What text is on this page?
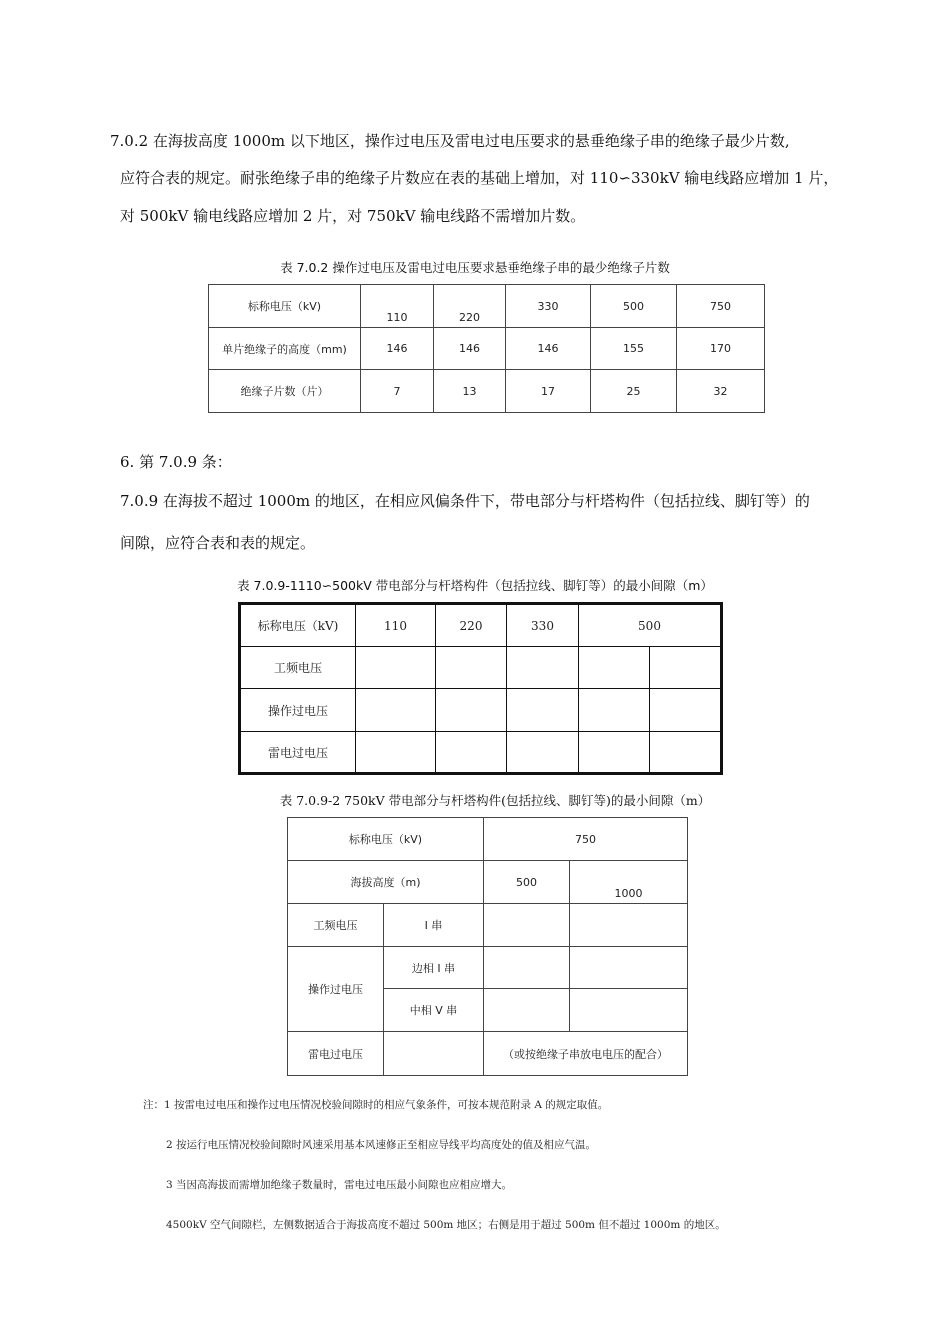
7.0.2 在海拔高度 1000m 以下地区，操作过电压及雷电过电压要求的悬垂绝缘子串的绝缘子最少片数,
应符合表的规定。耐张绝缘子串的绝缘子片数应在表的基础上增加，对 110∽330kV 输电线路应增加 1 片，
对 500kV 输电线路应增加 2 片，对 750kV 输电线路不需增加片数。
表 7.0.2 操作过电压及雷电过电压要求悬垂绝缘子串的最少绝缘子片数
标称电压（kV)	110	220	330	500	750
单片绝缘子的高度（mm)	146	146	146	155	170
绝缘子片数（片）	7	13	17	25	32
6. 第 7.0.9 条：
7.0.9 在海拔不超过 1000m 的地区，在相应风偏条件下，带电部分与杆塔构件（包括拉线、脚钉等）的
间隙，应符合表和表的规定。
表 7.0.9-1110∽500kV 带电部分与杆塔构件（包括拉线、脚钉等）的最小间隙（m）
标称电压（kV)	110	220	330	500	
工频电压					
操作过电压					
雷电过电压					
表 7.0.9-2 750kV 带电部分与杆塔构件(包括拉线、脚钉等)的最小间隙（m）
标称电压（kV)		750	
海拔高度（m)		500	1000
工频电压	I 串		
操作过电压	边相 I 串		
	中相 V 串		
雷电过电压		（或按绝缘子串放电电压的配合）	
注：1 按雷电过电压和操作过电压情况校验间隙时的相应气象条件，可按本规范附录 A 的规定取值。
2 按运行电压情况校验间隙时风速采用基本风速修正至相应导线平均高度处的值及相应气温。
3 当因高海拔而需增加绝缘子数量时，雷电过电压最小间隙也应相应增大。
4500kV 空气间隙栏，左侧数据适合于海拔高度不超过 500m 地区；右侧是用于超过 500m 但不超过 1000m 的地区。
